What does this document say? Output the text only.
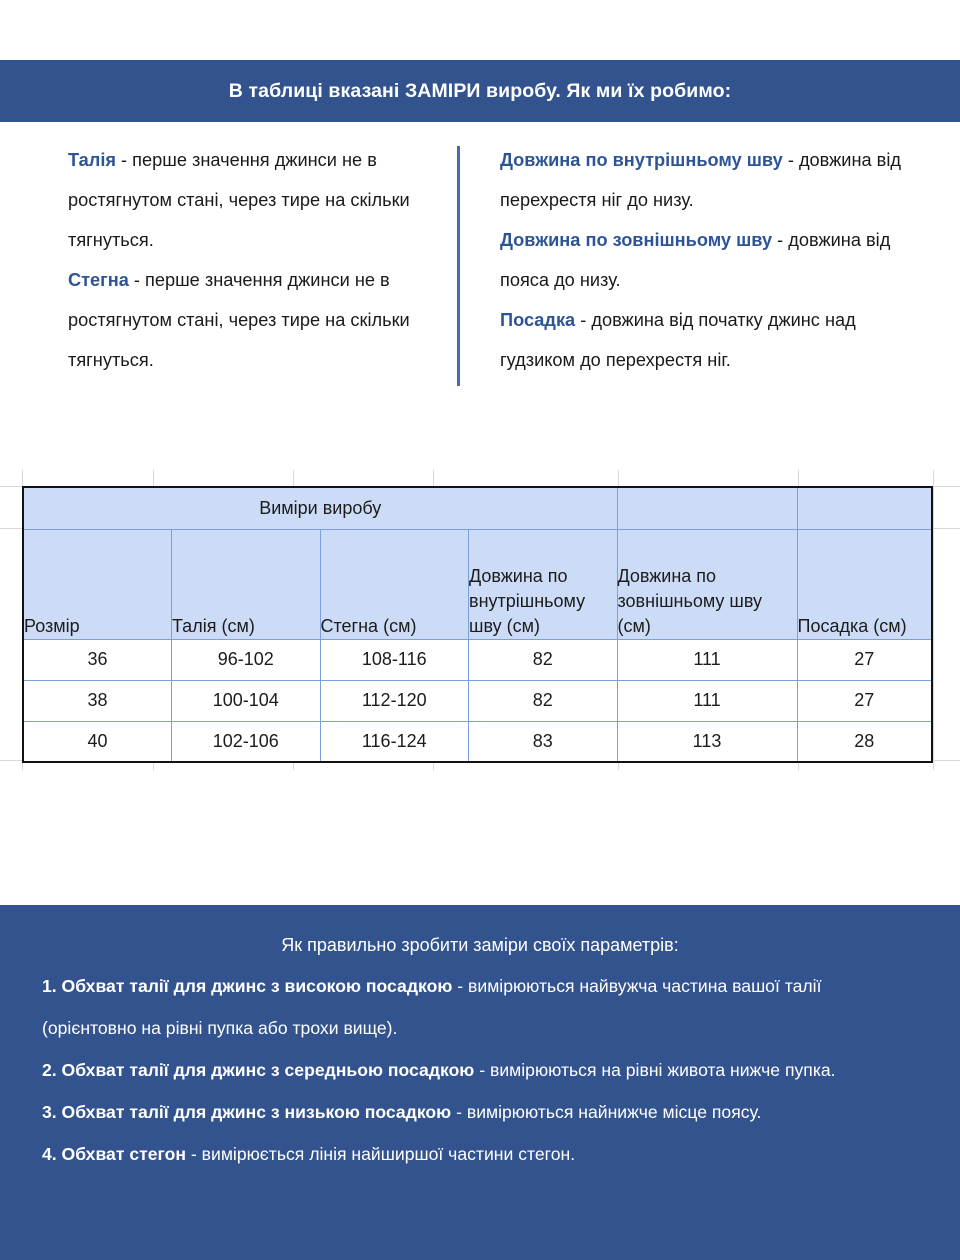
В таблиці вказані ЗАМІРИ виробу. Як ми їх робимо:

Талія - перше значення джинси не в ростягнутом стані, через тире на скільки тягнуться.

Стегна - перше значення джинси не в ростягнутом стані, через тире на скільки тягнуться.

Довжина по внутрішньому шву - довжина від перехрестя ніг до низу.

Довжина по зовнішньому шву - довжина від пояса до низу.

Посадка - довжина від початку джинс над гудзиком до перехрестя ніг.

Виміри виробу					
Розмір	Талія (см)	Стегна (см)	Довжина по внутрішньому шву (см)	Довжина по зовнішньому шву (см)	Посадка (см)
36	96-102	108-116	82	111	27
38	100-104	112-120	82	111	27
40	102-106	116-124	83	113	28

Як правильно зробити заміри своїх параметрів:

1. Обхват талії для джинс з високою посадкою - вимірюються найвужча частина вашої талії (орієнтовно на рівні пупка або трохи вище).

2. Обхват талії для джинс з середньою посадкою - вимірюються на рівні живота нижче пупка.

3. Обхват талії для джинс з низькою посадкою - вимірюються найнижче місце поясу.

4. Обхват стегон - вимірюється лінія найширшої частини стегон.
